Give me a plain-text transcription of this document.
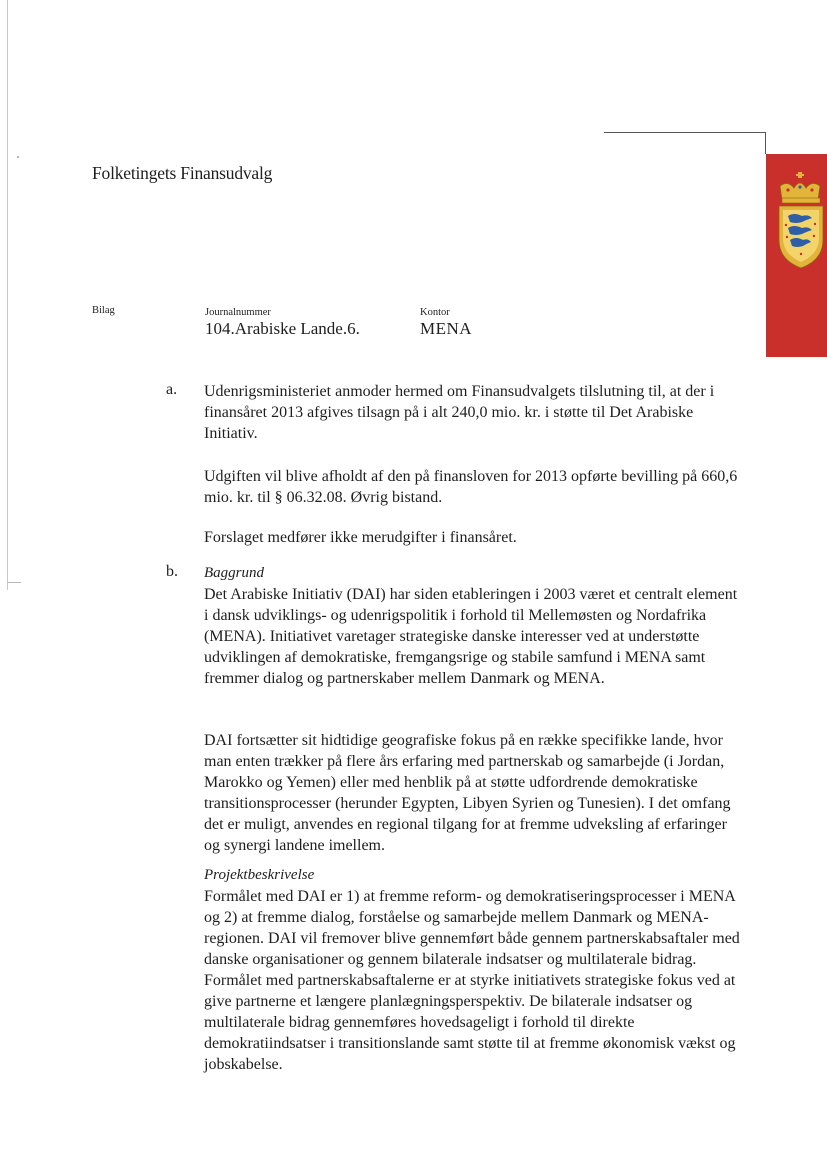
Folketingets Finansudvalg
Bilag	Journalnummer
104.Arabiske Lande.6.
Kontor
MENA
a. Udenrigsministeriet anmoder hermed om Finansudvalgets tilslutning til, at der i finansåret 2013 afgives tilsagn på i alt 240,0 mio. kr. i støtte til Det Arabiske Initiativ.

Udgiften vil blive afholdt af den på finansloven for 2013 opførte bevilling på 660,6 mio. kr. til § 06.32.08. Øvrig bistand.

Forslaget medfører ikke merudgifter i finansåret.

b. Baggrund

Det Arabiske Initiativ (DAI) har siden etableringen i 2003 været et centralt element i dansk udviklings- og udenrigspolitik i forhold til Mellemøsten og Nordafrika (MENA). Initiativet varetager strategiske danske interesser ved at understøtte udviklingen af demokratiske, fremgangsrige og stabile samfund i MENA samt fremmer dialog og partnerskaber mellem Danmark og MENA.

DAI fortsætter sit hidtidige geografiske fokus på en række specifikke lande, hvor man enten trækker på flere års erfaring med partnerskab og samarbejde (i Jordan, Marokko og Yemen) eller med henblik på at støtte udfordrende demokratiske transitionsprocesser (herunder Egypten, Libyen Syrien og Tunesien). I det omfang det er muligt, anvendes en regional tilgang for at fremme udveksling af erfaringer og synergi landene imellem.

Projektbeskrivelse

Formålet med DAI er 1) at fremme reform- og demokratiseringsprocesser i MENA og 2) at fremme dialog, forståelse og samarbejde mellem Danmark og MENA-regionen. DAI vil fremover blive gennemført både gennem partnerskabsaftaler med danske organisationer og gennem bilaterale indsatser og multilaterale bidrag. Formålet med partnerskabsaftalerne er at styrke initiativets strategiske fokus ved at give partnerne et længere planlægningsperspektiv. De bilaterale indsatser og multilaterale bidrag gennemføres hovedsageligt i forhold til direkte demokratiindsatser i transitionslande samt støtte til at fremme økonomisk vækst og jobskabelse.
